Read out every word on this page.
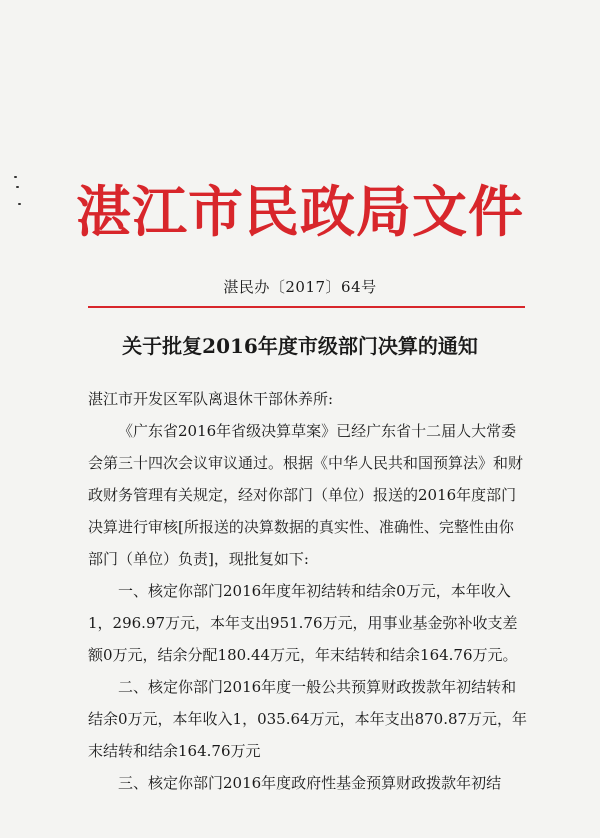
湛江市民政局文件
湛民办〔2017〕64号
关于批复2016年度市级部门决算的通知

湛江市开发区军队离退休干部休养所:

《广东省2016年省级决算草案》已经广东省十二届人大常委会第三十四次会议审议通过。根据《中华人民共和国预算法》和财政财务管理有关规定，经对你部门（单位）报送的2016年度部门决算进行审核[所报送的决算数据的真实性、准确性、完整性由你部门（单位）负责]，现批复如下:

一、核定你部门2016年度年初结转和结余0万元，本年收入1，296.97万元，本年支出951.76万元，用事业基金弥补收支差额0万元，结余分配180.44万元，年末结转和结余164.76万元。

二、核定你部门2016年度一般公共预算财政拨款年初结转和结余0万元，本年收入1，035.64万元，本年支出870.87万元，年末结转和结余164.76万元

三、核定你部门2016年度政府性基金预算财政拨款年初结
